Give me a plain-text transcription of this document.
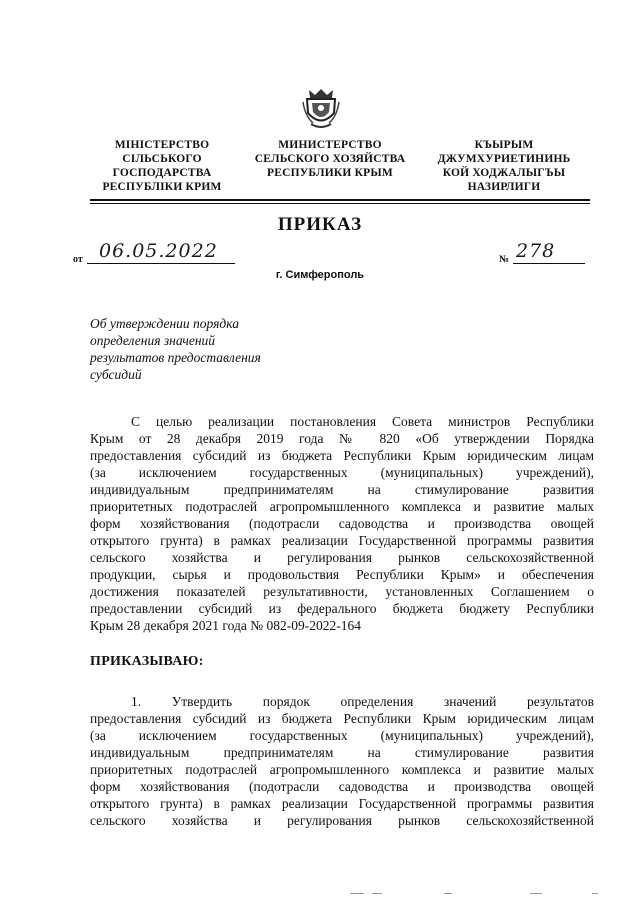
МІНІСТЕРСТВО
СІЛЬСЬКОГО
ГОСПОДАРСТВА
РЕСПУБЛІКИ КРИМ
МИНИСТЕРСТВО
СЕЛЬСКОГО ХОЗЯЙСТВА
РЕСПУБЛИКИ КРЫМ
КЪЫРЫМ
ДЖУМХУРИЕТИНИНЬ
КОЙ ХОДЖАЛЫГЪЫ
НАЗИРЛИГИ
ПРИКАЗ
от 06.05.2022	№ 278
г. Симферополь
Об утверждении порядка
определения значений
результатов предоставления
субсидий
С целью реализации постановления Совета министров Республики
Крым от 28 декабря 2019 года № 820 «Об утверждении Порядка
предоставления субсидий из бюджета Республики Крым юридическим лицам
(за исключением государственных (муниципальных) учреждений),
индивидуальным предпринимателям на стимулирование развития
приоритетных подотраслей агропромышленного комплекса и развитие малых
форм хозяйствования (подотрасли садоводства и производства овощей
открытого грунта) в рамках реализации Государственной программы развития
сельского хозяйства и регулирования рынков сельскохозяйственной
продукции, сырья и продовольствия Республики Крым» и обеспечения
достижения показателей результативности, установленных Соглашением о
предоставлении субсидий из федерального бюджета бюджету Республики
Крым 28 декабря 2021 года № 082-09-2022-164
ПРИКАЗЫВАЮ:
1. Утвердить порядок определения значений результатов
предоставления субсидий из бюджета Республики Крым юридическим лицам
(за исключением государственных (муниципальных) учреждений),
индивидуальным предпринимателям на стимулирование развития
приоритетных подотраслей агропромышленного комплекса и развитие малых
форм хозяйствования (подотрасли садоводства и производства овощей
открытого грунта) в рамках реализации Государственной программы развития
сельского хозяйства и регулирования рынков сельскохозяйственной
